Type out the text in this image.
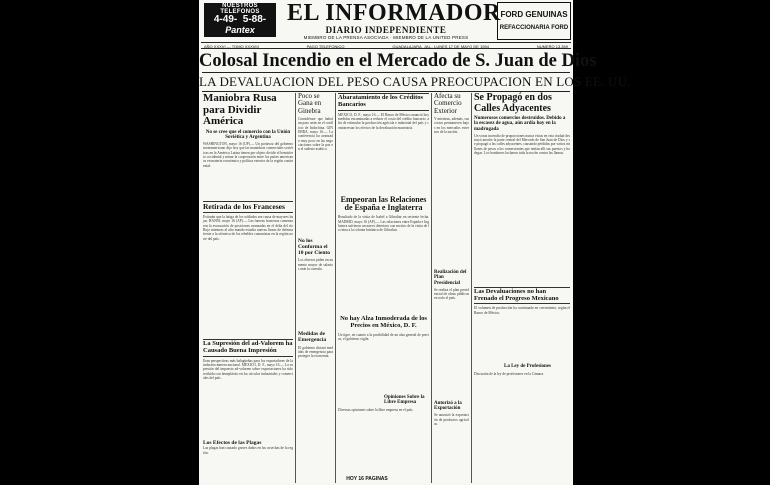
NUESTROS TELEFONOS
4-49- 5-88-
Pantex
EL INFORMADOR
DIARIO INDEPENDIENTE
MIEMBRO DE LA PRENSA ASOCIADA · MIEMBRO DE LA UNITED PRESS
FORD GENUINAS
REFACCIONARIA FORD
AÑO XXXVI — TOMO XXXVIII	PAGO TELEFONICO	GUADALAJARA, JAL., LUNES 17 DE MAYO DE 1954	NUMERO 13,359
Colosal Incendio en el Mercado de S. Juan de Dios
LA DEVALUACION DEL PESO CAUSA PREOCUPACION EN LOS EE. UU.
Maniobra Rusa para Dividir América
No se cree que el comercio con la Unión Soviética y Argentina
WASHINGTON, mayo 16 (UP).— Un portavoz del gobierno norteamericano dijo hoy que las maniobras comerciales soviéticas en la América Latina tienen por objeto dividir el hemisferio occidental y minar la cooperación entre los países americanos en materia económica y política exterior de la región continental.
Retirada de los Franceses
Evitarán que la fatiga de los soldados sea causa de mayores bajas. HANOI, mayo 16 (AP).— Las fuerzas francesas comenzaron la evacuación de posiciones avanzadas en el delta del río Rojo mientras el alto mando estudia nuevas líneas de defensa frente a la ofensiva de los rebeldes comunistas en la región norte del país.
La Supresión del ad-Valorem ha Causado Buena Impresión
Eran perspectivas más halagüeñas para los exportadores de la industria minera nacional. MEXICO, D. F., mayo 16.— La supresión del impuesto ad-valorem sobre exportaciones ha sido recibida con beneplácito en los círculos industriales y comerciales del país.
Los Efectos de las Plagas
Las plagas han causado graves daños en las cosechas de la región.
Poco se Gana en Ginebra
Considérase que habrá un paso atrás en el conflicto de Indochina. GINEBRA, mayo 16.— La conferencia ha avanzado muy poco en las negociaciones sobre la paz en el sudeste asiático.
No los Conforma el 10 por Ciento
Los obreros piden un aumento mayor de salarios ante la carestía.
Medidas de Emergencia
El gobierno dictará medidas de emergencia para proteger la economía.
Abaratamiento de los Créditos Bancarios
MEXICO, D. F., mayo 16.— El Banco de México anunció hoy medidas encaminadas a reducir el costo del crédito bancario, a fin de estimular la producción agrícola e industrial del país y contrarrestar los efectos de la devaluación monetaria.
Empeoran las Relaciones de España e Inglaterra
Resultado de la visita de Isabel a Gibraltar en reciente fecha. MADRID, mayo 16 (AP).— Las relaciones entre España e Inglaterra sufrieron un nuevo deterioro con motivo de la visita de la reina a la colonia británica de Gibraltar.
No hay Alza Inmoderada de los Precios en México, D. F.
Un tigre, en cuanto a la posibilidad de un alza general de precios, el gobierno vigila.
Opiniones Sobre la Libre Empresa
Diversas opiniones sobre la libre empresa en el país.
Afecta su Comercio Exterior
Y mientras, además, sus costos permanecen bajos en los mercados externos de la nación.
Realización del Plan Presidencial
Se realiza el plan presidencial de obras públicas en todo el país.
Autorizó a la Exportación
Se autorizó la exportación de productos agrícolas.
Se Propagó en dos Calles Adyacentes
Numerosos comercios destruidos. Debido a la escasez de agua, aún ardía hoy en la madrugada
Un voraz incendio de proporciones nunca vistas en esta ciudad destruyó anoche la parte central del Mercado de San Juan de Dios y se propagó a las calles adyacentes, causando pérdidas por varios millones de pesos a los comerciantes que tenían allí sus puestos y bodegas. Los bomberos lucharon toda la noche contra las llamas.
Las Devaluaciones no han Frenado el Progreso Mexicano
El volumen de producción ha continuado en crecimiento, según el Banco de México.
La Ley de Profesiones
Discusión de la ley de profesiones en la Cámara.
HOY 16 PAGINAS
